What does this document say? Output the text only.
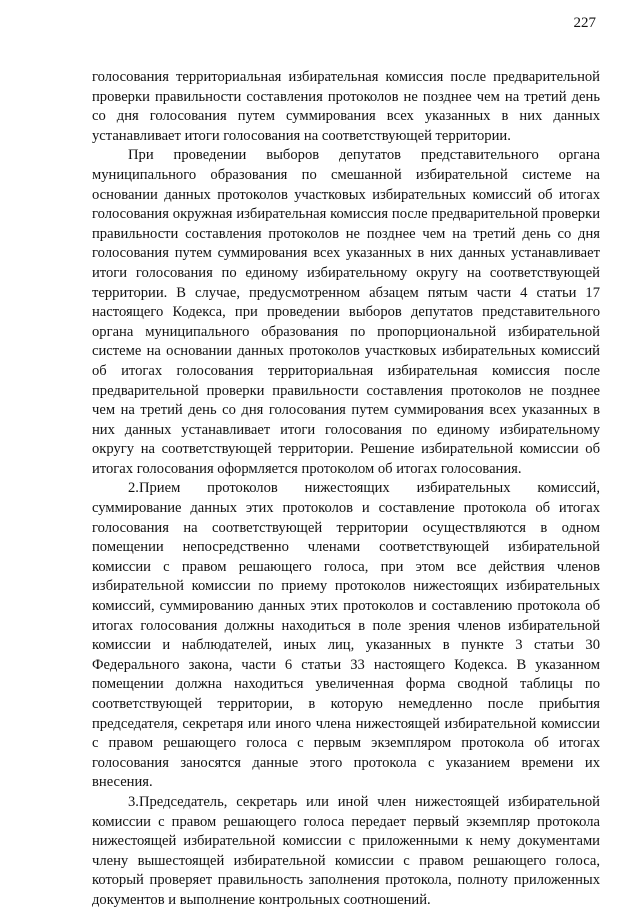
227

голосования территориальная избирательная комиссия после предварительной проверки правильности составления протоколов не позднее чем на третий день со дня голосования путем суммирования всех указанных в них данных устанавливает итоги голосования на соответствующей территории.

При проведении выборов депутатов представительного органа муниципального образования по смешанной избирательной системе на основании данных протоколов участковых избирательных комиссий об итогах голосования окружная избирательная комиссия после предварительной проверки правильности составления протоколов не позднее чем на третий день со дня голосования путем суммирования всех указанных в них данных устанавливает итоги голосования по единому избирательному округу на соответствующей территории. В случае, предусмотренном абзацем пятым части 4 статьи 17 настоящего Кодекса, при проведении выборов депутатов представительного органа муниципального образования по пропорциональной избирательной системе на основании данных протоколов участковых избирательных комиссий об итогах голосования территориальная избирательная комиссия после предварительной проверки правильности составления протоколов не позднее чем на третий день со дня голосования путем суммирования всех указанных в них данных устанавливает итоги голосования по единому избирательному округу на соответствующей территории. Решение избирательной комиссии об итогах голосования оформляется протоколом об итогах голосования.

2.Прием протоколов нижестоящих избирательных комиссий, суммирование данных этих протоколов и составление протокола об итогах голосования на соответствующей территории осуществляются в одном помещении непосредственно членами соответствующей избирательной комиссии с правом решающего голоса, при этом все действия членов избирательной комиссии по приему протоколов нижестоящих избирательных комиссий, суммированию данных этих протоколов и составлению протокола об итогах голосования должны находиться в поле зрения членов избирательной комиссии и наблюдателей, иных лиц, указанных в пункте 3 статьи 30 Федерального закона, части 6 статьи 33 настоящего Кодекса. В указанном помещении должна находиться увеличенная форма сводной таблицы по соответствующей территории, в которую немедленно после прибытия председателя, секретаря или иного члена нижестоящей избирательной комиссии с правом решающего голоса с первым экземпляром протокола об итогах голосования заносятся данные этого протокола с указанием времени их внесения.

3.Председатель, секретарь или иной член нижестоящей избирательной комиссии с правом решающего голоса передает первый экземпляр протокола нижестоящей избирательной комиссии с приложенными к нему документами члену вышестоящей избирательной комиссии с правом решающего голоса, который проверяет правильность заполнения протокола, полноту приложенных документов и выполнение контрольных соотношений.
